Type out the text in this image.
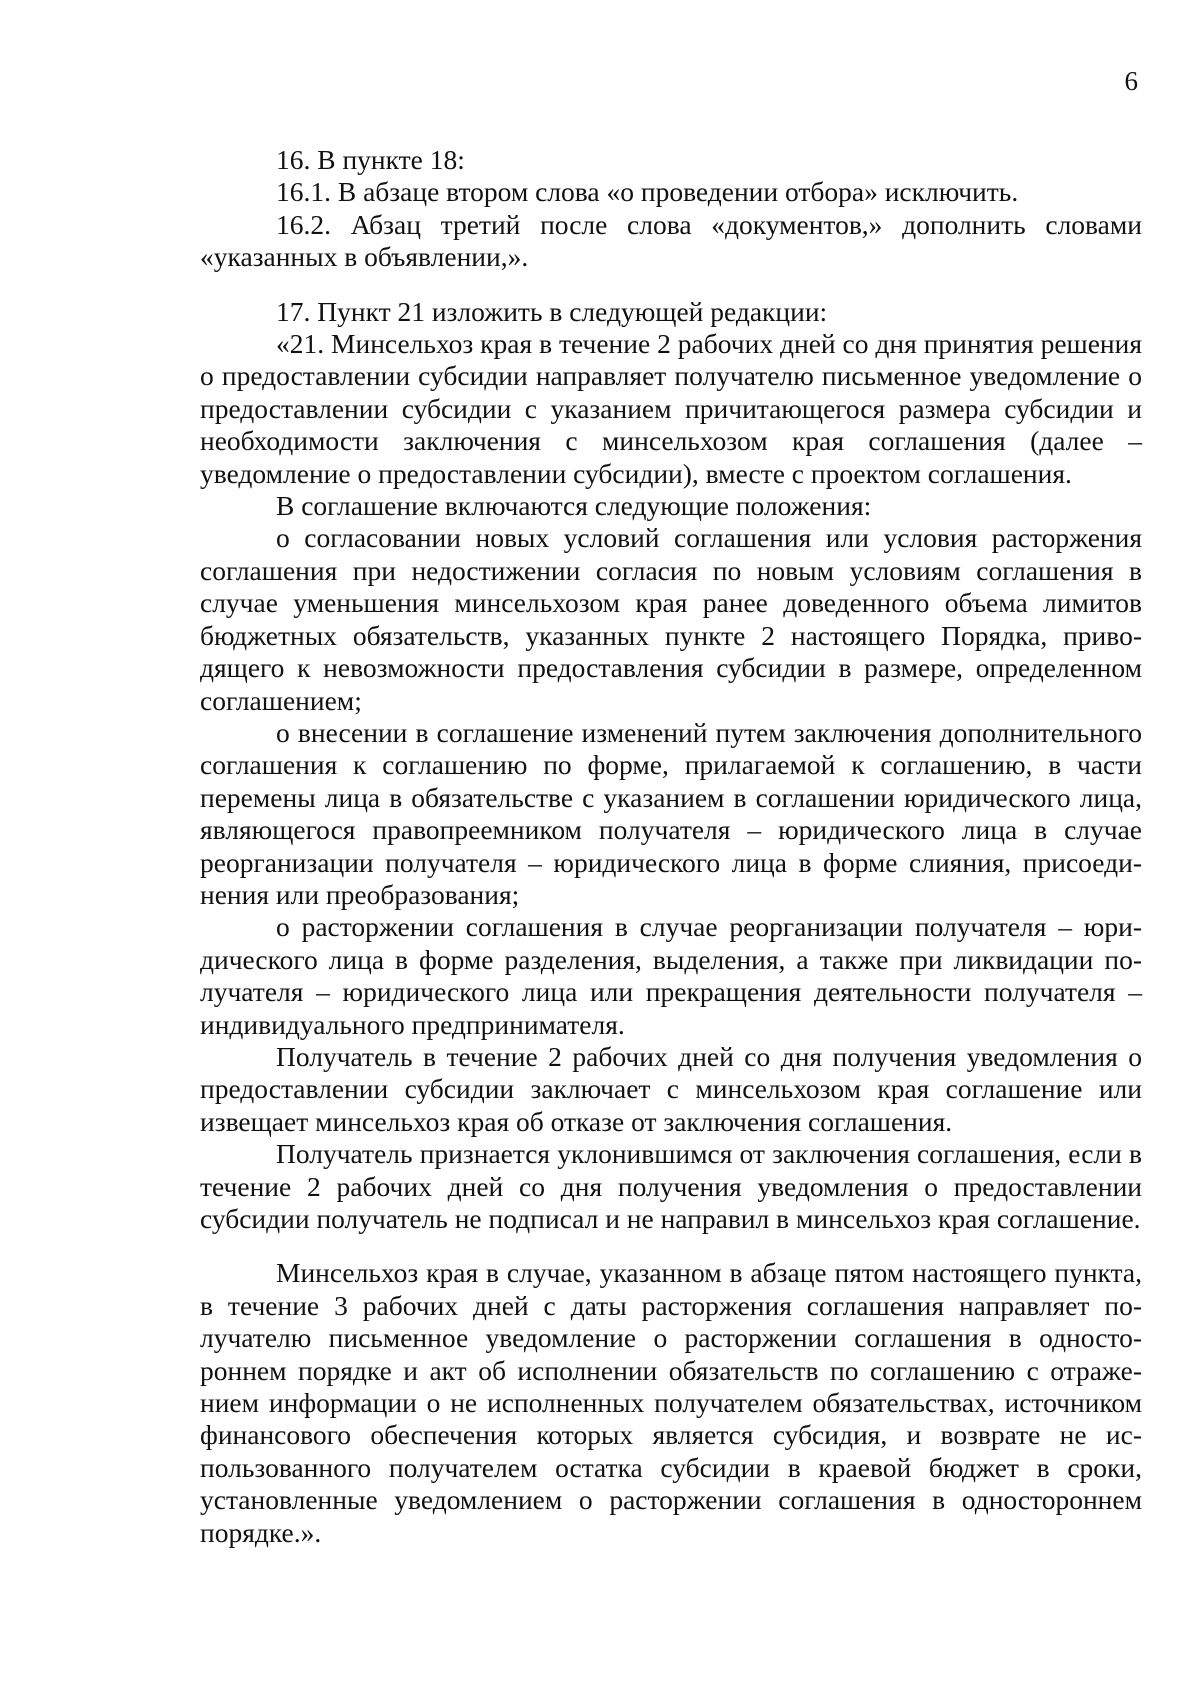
6

16. В пункте 18:

16.1. В абзаце втором слова «о проведении отбора» исключить.

16.2. Абзац третий после слова «документов,» дополнить словами «указанных в объявлении,».

17. Пункт 21 изложить в следующей редакции:

«21. Минсельхоз края в течение 2 рабочих дней со дня принятия решения о предоставлении субсидии направляет получателю письменное уведомление о предоставлении субсидии с указанием причитающегося размера субсидии и необходимости заключения с минсельхозом края соглашения (далее – уведомление о предоставлении субсидии), вместе с проектом соглашения.

В соглашение включаются следующие положения:

о согласовании новых условий соглашения или условия расторжения соглашения при недостижении согласия по новым условиям соглашения в случае уменьшения минсельхозом края ранее доведенного объема лимитов бюджетных обязательств, указанных пункте 2 настоящего Порядка, приводящего к невозможности предоставления субсидии в размере, определенном соглашением;

о внесении в соглашение изменений путем заключения дополнительного соглашения к соглашению по форме, прилагаемой к соглашению, в части перемены лица в обязательстве с указанием в соглашении юридического лица, являющегося правопреемником получателя – юридического лица в случае реорганизации получателя – юридического лица в форме слияния, присоединения или преобразования;

о расторжении соглашения в случае реорганизации получателя – юридического лица в форме разделения, выделения, а также при ликвидации получателя – юридического лица или прекращения деятельности получателя – индивидуального предпринимателя.

Получатель в течение 2 рабочих дней со дня получения уведомления о предоставлении субсидии заключает с минсельхозом края соглашение или извещает минсельхоз края об отказе от заключения соглашения.

Получатель признается уклонившимся от заключения соглашения, если в течение 2 рабочих дней со дня получения уведомления о предоставлении субсидии получатель не подписал и не направил в минсельхоз края соглашение.

Минсельхоз края в случае, указанном в абзаце пятом настоящего пункта, в течение 3 рабочих дней с даты расторжения соглашения направляет получателю письменное уведомление о расторжении соглашения в одностороннем порядке и акт об исполнении обязательств по соглашению с отражением информации о не исполненных получателем обязательствах, источником финансового обеспечения которых является субсидия, и возврате не использованного получателем остатка субсидии в краевой бюджет в сроки, установленные уведомлением о расторжении соглашения в одностороннем порядке.».
